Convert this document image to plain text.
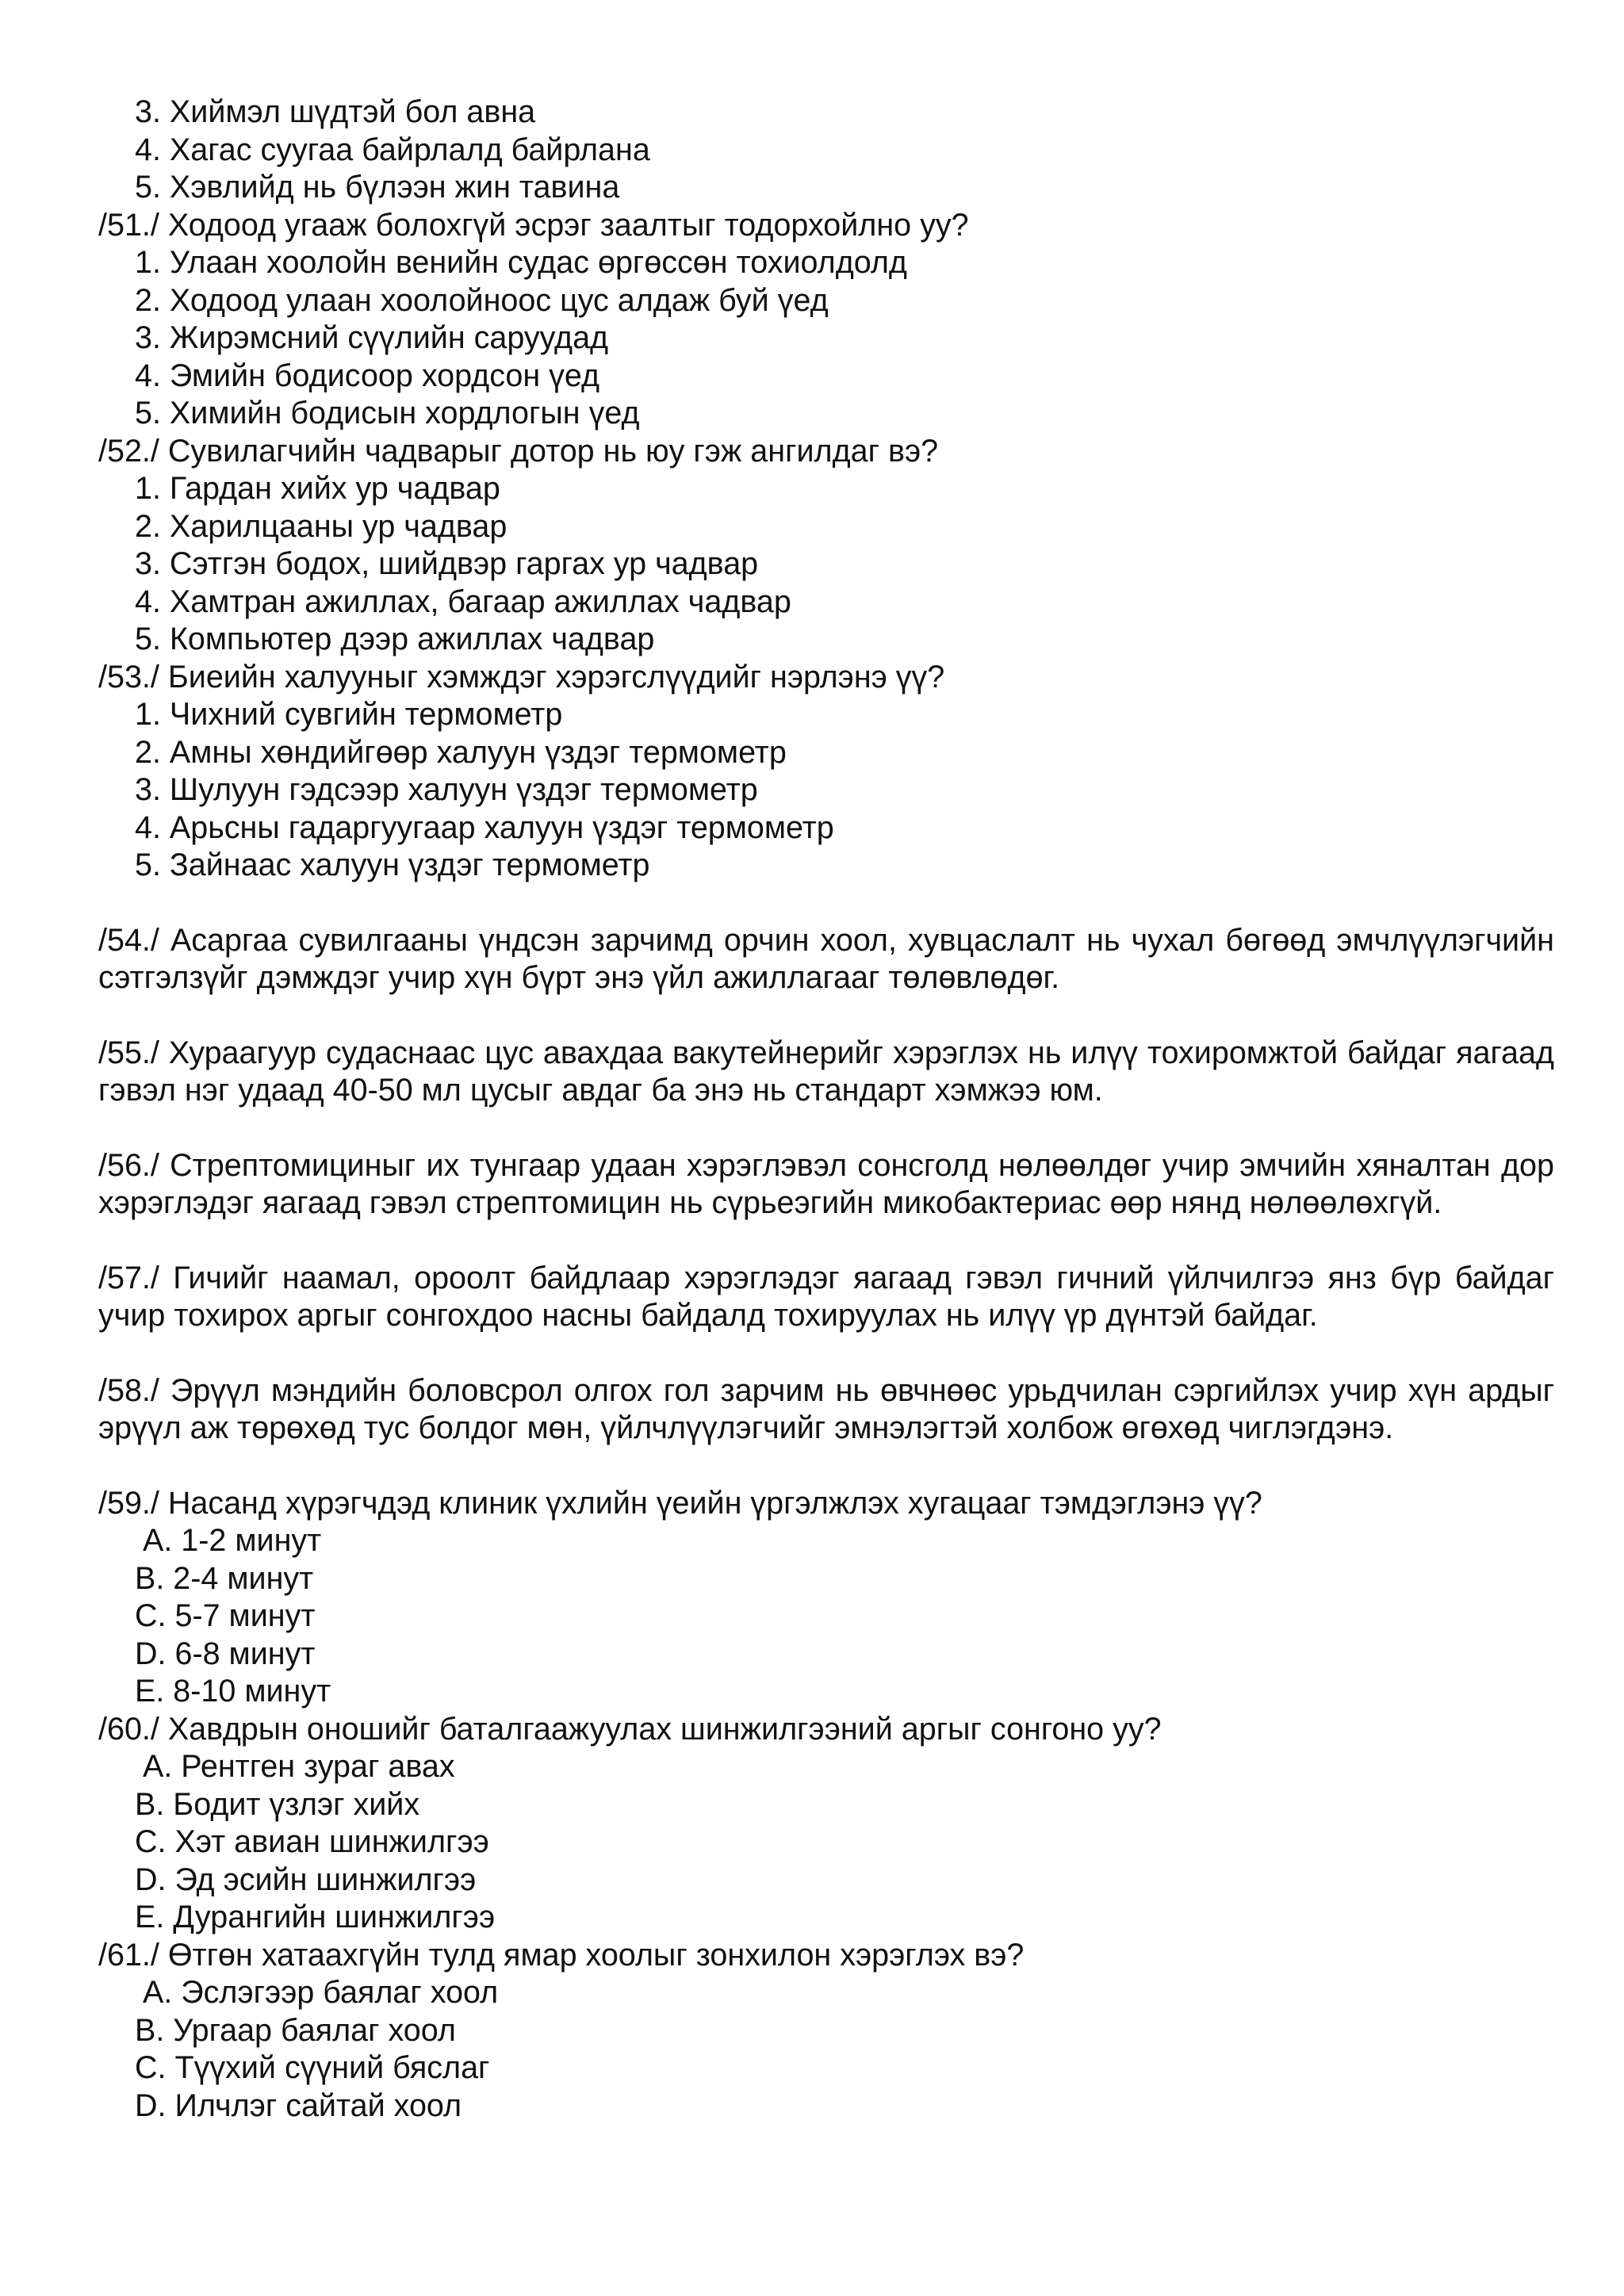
3. Хиймэл шүдтэй бол авна
4. Хагас суугаа байрлалд байрлана
5. Хэвлийд нь бүлээн жин тавина
/51./ Ходоод угааж болохгүй эсрэг заалтыг тодорхойлно уу?
1. Улаан хоолойн венийн судас өргөссөн тохиолдолд
2. Ходоод улаан хоолойноос цус алдаж буй үед
3. Жирэмсний сүүлийн саруудад
4. Эмийн бодисоор хордсон үед
5. Химийн бодисын хордлогын үед
/52./ Сувилагчийн чадварыг дотор нь юу гэж ангилдаг вэ?
1. Гардан хийх ур чадвар
2. Харилцааны ур чадвар
3. Сэтгэн бодох, шийдвэр гаргах ур чадвар
4. Хамтран ажиллах, багаар ажиллах чадвар
5. Компьютер дээр ажиллах чадвар
/53./ Биеийн халууныг хэмждэг хэрэгслүүдийг нэрлэнэ үү?
1. Чихний сувгийн термометр
2. Амны хөндийгөөр халуун үздэг термометр
3. Шулуун гэдсээр халуун үздэг термометр
4. Арьсны гадаргуугаар халуун үздэг термометр
5. Зайнаас халуун үздэг термометр
/54./ Асаргаа сувилгааны үндсэн зарчимд орчин хоол, хувцаслалт нь чухал бөгөөд эмчлүүлэгчийн сэтгэлзүйг дэмждэг учир хүн бүрт энэ үйл ажиллагааг төлөвлөдөг.
/55./ Хураагуур судаснаас цус авахдаа вакутейнерийг хэрэглэх нь илүү тохиромжтой байдаг яагаад гэвэл нэг удаад 40-50 мл цусыг авдаг ба энэ нь стандарт хэмжээ юм.
/56./ Стрептомициныг их тунгаар удаан хэрэглэвэл сонсголд нөлөөлдөг учир эмчийн хяналтан дор хэрэглэдэг яагаад гэвэл стрептомицин нь сүрьеэгийн микобактериас өөр нянд нөлөөлөхгүй.
/57./ Гичийг наамал, ороолт байдлаар хэрэглэдэг яагаад гэвэл гичний үйлчилгээ янз бүр байдаг учир тохирох аргыг сонгохдоо насны байдалд тохируулах нь илүү үр дүнтэй байдаг.
/58./ Эрүүл мэндийн боловсрол олгох гол зарчим нь өвчнөөс урьдчилан сэргийлэх учир хүн ардыг эрүүл аж төрөхөд тус болдог мөн, үйлчлүүлэгчийг эмнэлэгтэй холбож өгөхөд чиглэгдэнэ.
/59./ Насанд хүрэгчдэд клиник үхлийн үеийн үргэлжлэх хугацааг тэмдэглэнэ үү?
A. 1-2 минут
B. 2-4 минут
C. 5-7 минут
D. 6-8 минут
E. 8-10 минут
/60./ Хавдрын оношийг баталгаажуулах шинжилгээний аргыг сонгоно уу?
A. Рентген зураг авах
B. Бодит үзлэг хийх
C. Хэт авиан шинжилгээ
D. Эд эсийн шинжилгээ
E. Дурангийн шинжилгээ
/61./ Өтгөн хатаахгүйн тулд ямар хоолыг зонхилон хэрэглэх вэ?
A. Эслэгээр баялаг хоол
B. Ургаар баялаг хоол
C. Түүхий сүүний бяслаг
D. Илчлэг сайтай хоол
